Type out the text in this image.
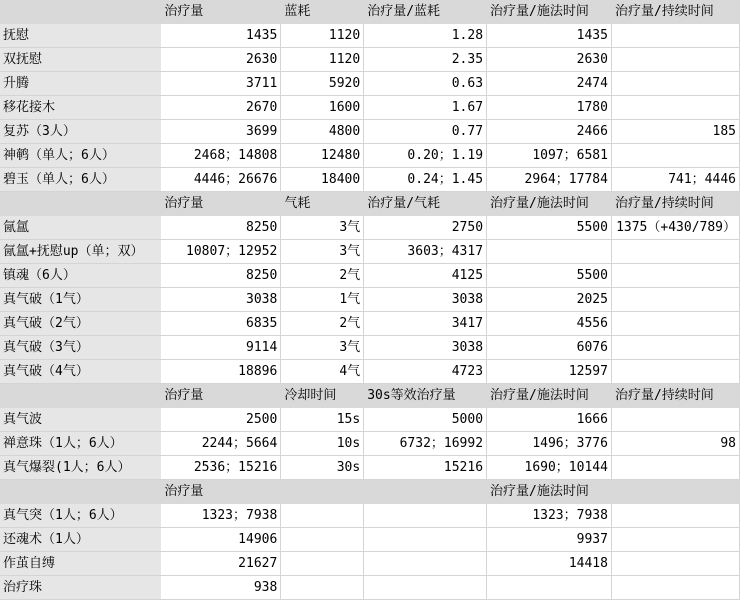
	治疗量	蓝耗	治疗量/蓝耗	治疗量/施法时间	治疗量/持续时间
抚慰	1435	1120	1.28	1435	
双抚慰	2630	1120	2.35	2630	
升腾	3711	5920	0.63	2474	
移花接木	2670	1600	1.67	1780	
复苏（3人）	3699	4800	0.77	2466	185
神鹌（单人；6人）	2468；14808	12480	0.20；1.19	1097；6581	
碧玉（单人；6人）	4446；26676	18400	0.24；1.45	2964；17784	741；4446
	治疗量	气耗	治疗量/气耗	治疗量/施法时间	治疗量/持续时间
氤氲	8250	3气	2750	5500	1375（+430/789）
氤氲+抚慰up（单；双）	10807；12952	3气	3603；4317		
镇魂（6人）	8250	2气	4125	5500	
真气破（1气）	3038	1气	3038	2025	
真气破（2气）	6835	2气	3417	4556	
真气破（3气）	9114	3气	3038	6076	
真气破（4气）	18896	4气	4723	12597	
	治疗量	冷却时间	30s等效治疗量	治疗量/施法时间	治疗量/持续时间
真气波	2500	15s	5000	1666	
禅意珠（1人；6人）	2244；5664	10s	6732；16992	1496；3776	98
真气爆裂(1人；6人）	2536；15216	30s	15216	1690；10144	
	治疗量			治疗量/施法时间	
真气突（1人；6人）	1323；7938			1323；7938	
还魂术（1人）	14906			9937	
作茧自缚	21627			14418	
治疗珠	938				
